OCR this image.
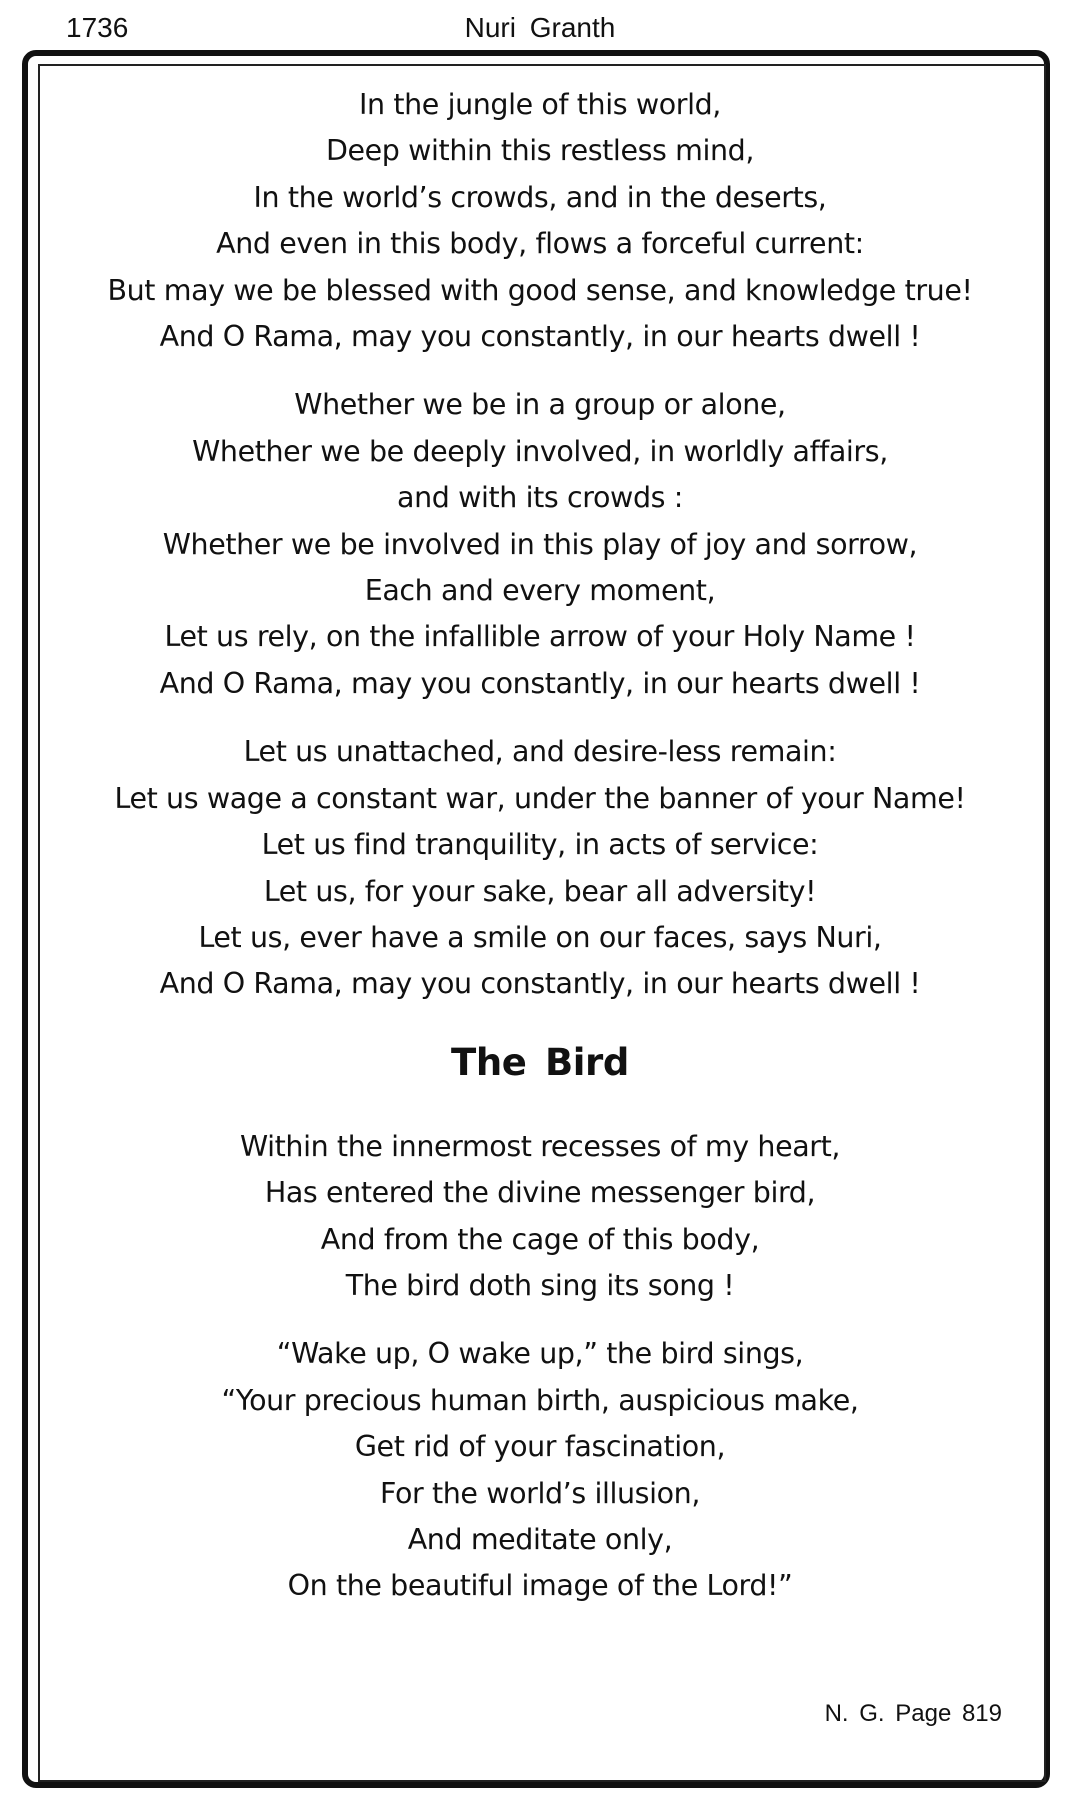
1736	Nuri Granth
In the jungle of this world,
Deep within this restless mind,
In the world’s crowds, and in the deserts,
And even in this body, flows a forceful current:
But may we be blessed with good sense, and knowledge true!
And O Rama, may you constantly, in our hearts dwell !
Whether we be in a group or alone,
Whether we be deeply involved, in worldly affairs,
and with its crowds :
Whether we be involved in this play of joy and sorrow,
Each and every moment,
Let us rely, on the infallible arrow of your Holy Name !
And O Rama, may you constantly, in our hearts dwell !
Let us unattached, and desire-less remain:
Let us wage a constant war, under the banner of your Name!
Let us find tranquility, in acts of service:
Let us, for your sake, bear all adversity!
Let us, ever have a smile on our faces, says Nuri,
And O Rama, may you constantly, in our hearts dwell !
The Bird
Within the innermost recesses of my heart,
Has entered the divine messenger bird,
And from the cage of this body,
The bird doth sing its song !
“Wake up, O wake up,” the bird sings,
“Your precious human birth, auspicious make,
Get rid of your fascination,
For the world’s illusion,
And meditate only,
On the beautiful image of the Lord!”
N. G. Page 819
